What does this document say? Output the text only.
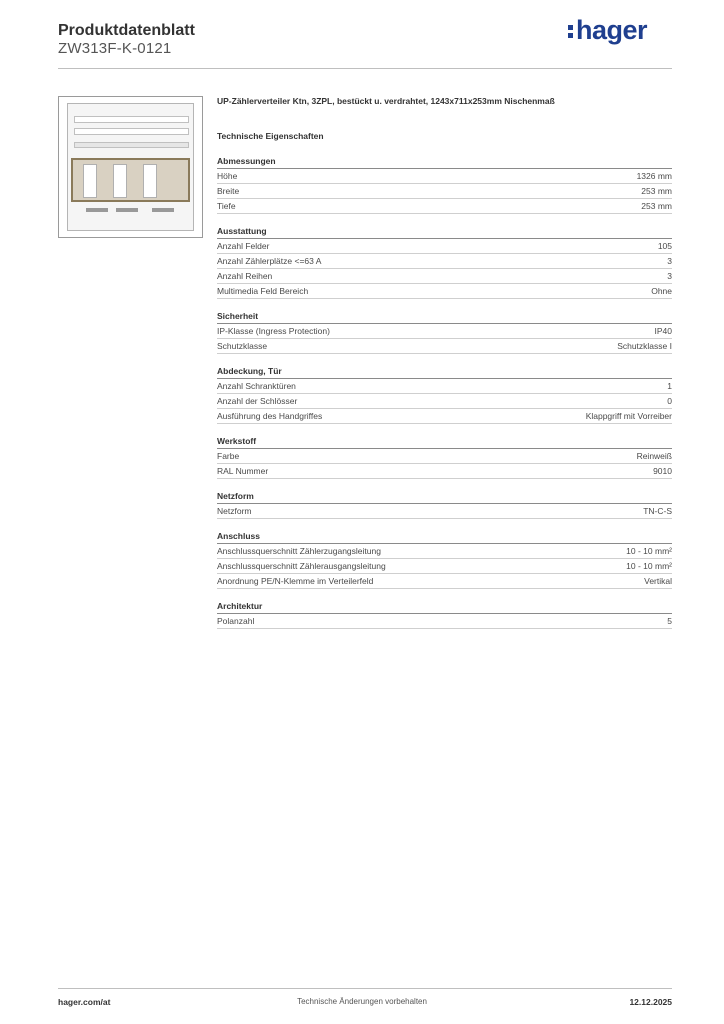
Produktdatenblatt
ZW313F-K-0121
hager
UP-Zählerverteiler Ktn, 3ZPL, bestückt u. verdrahtet, 1243x711x253mm Nischenmaß
Technische Eigenschaften
Abmessungen
Höhe	1326 mm
Breite	253 mm
Tiefe	253 mm
Ausstattung
Anzahl Felder	105
Anzahl Zählerplätze <=63 A	3
Anzahl Reihen	3
Multimedia Feld Bereich	Ohne
Sicherheit
IP-Klasse (Ingress Protection)	IP40
Schutzklasse	Schutzklasse I
Abdeckung, Tür
Anzahl Schranktüren	1
Anzahl der Schlösser	0
Ausführung des Handgriffes	Klappgriff mit Vorreiber
Werkstoff
Farbe	Reinweiß
RAL Nummer	9010
Netzform
Netzform	TN-C-S
Anschluss
Anschlussquerschnitt Zählerzugangsleitung	10 - 10 mm²
Anschlussquerschnitt Zählerausgangsleitung	10 - 10 mm²
Anordnung PE/N-Klemme im Verteilerfeld	Vertikal
Architektur
Polanzahl	5
hager.com/at	Technische Änderungen vorbehalten	12.12.2025
